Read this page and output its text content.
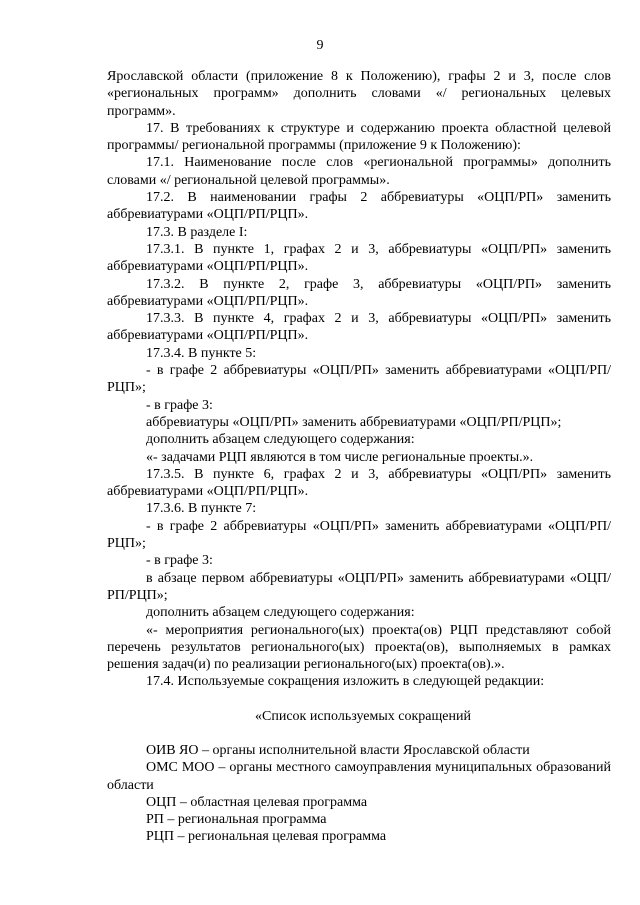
9

Ярославской области (приложение 8 к Положению), графы 2 и 3, после слов «региональных программ» дополнить словами «/ региональных целевых программ».

17. В требованиях к структуре и содержанию проекта областной целевой программы/ региональной программы (приложение 9 к Положению):

17.1. Наименование после слов «региональной программы» дополнить словами «/ региональной целевой программы».

17.2. В наименовании графы 2 аббревиатуры «ОЦП/РП» заменить аббревиатурами «ОЦП/РП/РЦП».

17.3. В разделе I:

17.3.1. В пункте 1, графах 2 и 3, аббревиатуры «ОЦП/РП» заменить аббревиатурами «ОЦП/РП/РЦП».

17.3.2. В пункте 2, графе 3, аббревиатуры «ОЦП/РП» заменить аббревиатурами «ОЦП/РП/РЦП».

17.3.3. В пункте 4, графах 2 и 3, аббревиатуры «ОЦП/РП» заменить аббревиатурами «ОЦП/РП/РЦП».

17.3.4. В пункте 5:

- в графе 2 аббревиатуры «ОЦП/РП» заменить аббревиатурами «ОЦП/РП/РЦП»;

- в графе 3:

аббревиатуры «ОЦП/РП» заменить аббревиатурами «ОЦП/РП/РЦП»;

дополнить абзацем следующего содержания:

«- задачами РЦП являются в том числе региональные проекты.».

17.3.5. В пункте 6, графах 2 и 3, аббревиатуры «ОЦП/РП» заменить аббревиатурами «ОЦП/РП/РЦП».

17.3.6. В пункте 7:

- в графе 2 аббревиатуры «ОЦП/РП» заменить аббревиатурами «ОЦП/РП/РЦП»;

- в графе 3:

в абзаце первом аббревиатуры «ОЦП/РП» заменить аббревиатурами «ОЦП/РП/РЦП»;

дополнить абзацем следующего содержания:

«- мероприятия регионального(ых) проекта(ов) РЦП представляют собой перечень результатов регионального(ых) проекта(ов), выполняемых в рамках решения задач(и) по реализации регионального(ых) проекта(ов).».

17.4. Используемые сокращения изложить в следующей редакции:

«Список используемых сокращений

ОИВ ЯО – органы исполнительной власти Ярославской области

ОМС МОО – органы местного самоуправления муниципальных образований области

ОЦП – областная целевая программа

РП – региональная программа

РЦП – региональная целевая программа
